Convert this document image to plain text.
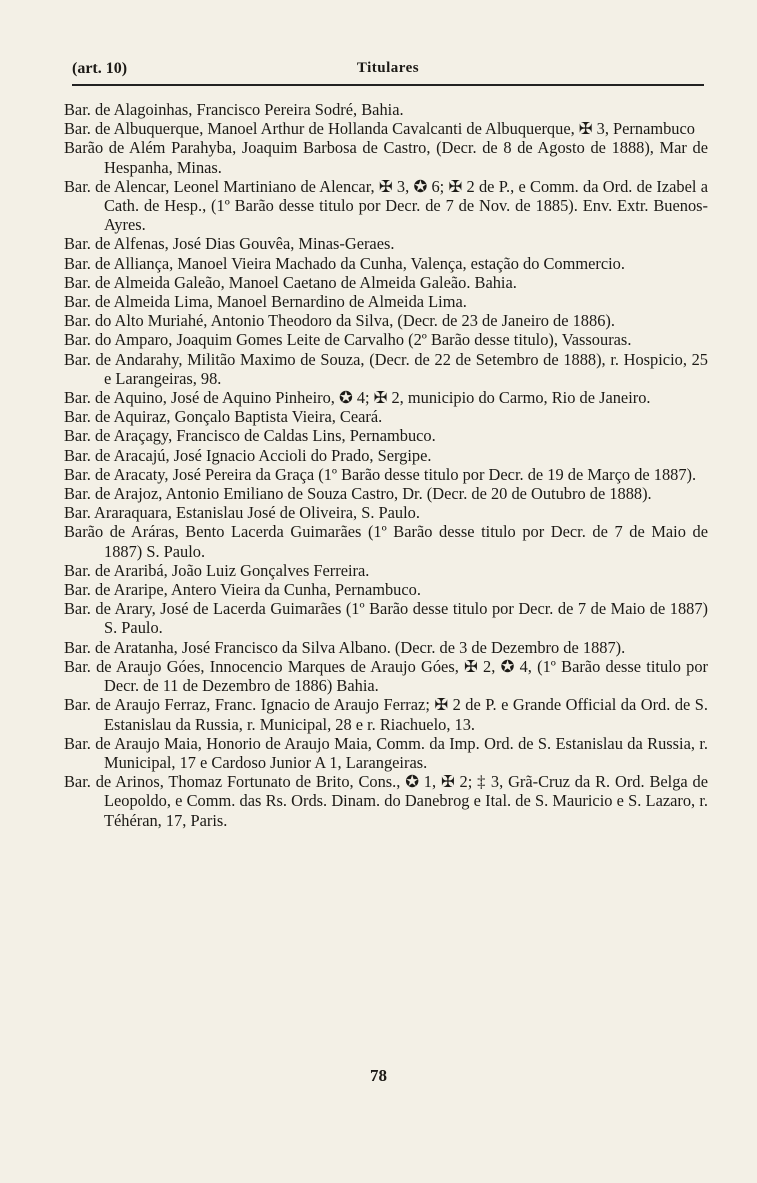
(art. 10)	Titulares

Bar. de Alagoinhas, Francisco Pereira Sodré, Bahia.

Bar. de Albuquerque, Manoel Arthur de Hollanda Cavalcanti de Albuquerque, ✠ 3, Pernambuco

Barão de Além Parahyba, Joaquim Barbosa de Castro, (Decr. de 8 de Agosto de 1888), Mar de Hespanha, Minas.

Bar. de Alencar, Leonel Martiniano de Alencar, ✠ 3, ✪ 6; ✠ 2 de P., e Comm. da Ord. de Izabel a Cath. de Hesp., (1º Barão desse titulo por Decr. de 7 de Nov. de 1885). Env. Extr. Buenos-Ayres.

Bar. de Alfenas, José Dias Gouvêa, Minas-Geraes.

Bar. de Alliança, Manoel Vieira Machado da Cunha, Valença, estação do Commercio.

Bar. de Almeida Galeão, Manoel Caetano de Almeida Galeão. Bahia.

Bar. de Almeida Lima, Manoel Bernardino de Almeida Lima.

Bar. do Alto Muriahé, Antonio Theodoro da Silva, (Decr. de 23 de Janeiro de 1886).

Bar. do Amparo, Joaquim Gomes Leite de Carvalho (2º Barão desse titulo), Vassouras.

Bar. de Andarahy, Militão Maximo de Souza, (Decr. de 22 de Setembro de 1888), r. Hospicio, 25 e Larangeiras, 98.

Bar. de Aquino, José de Aquino Pinheiro, ✪ 4; ✠ 2, municipio do Carmo, Rio de Janeiro.

Bar. de Aquiraz, Gonçalo Baptista Vieira, Ceará.

Bar. de Araçagy, Francisco de Caldas Lins, Pernambuco.

Bar. de Aracajú, José Ignacio Accioli do Prado, Sergipe.

Bar. de Aracaty, José Pereira da Graça (1º Barão desse titulo por Decr. de 19 de Março de 1887).

Bar. de Arajoz, Antonio Emiliano de Souza Castro, Dr. (Decr. de 20 de Outubro de 1888).

Bar. Araraquara, Estanislau José de Oliveira, S. Paulo.

Barão de Aráras, Bento Lacerda Guimarães (1º Barão desse titulo por Decr. de 7 de Maio de 1887) S. Paulo.

Bar. de Araribá, João Luiz Gonçalves Ferreira.

Bar. de Araripe, Antero Vieira da Cunha, Pernambuco.

Bar. de Arary, José de Lacerda Guimarães (1º Barão desse titulo por Decr. de 7 de Maio de 1887) S. Paulo.

Bar. de Aratanha, José Francisco da Silva Albano. (Decr. de 3 de Dezembro de 1887).

Bar. de Araujo Góes, Innocencio Marques de Araujo Góes, ✠ 2, ✪ 4, (1º Barão desse titulo por Decr. de 11 de Dezembro de 1886) Bahia.

Bar. de Araujo Ferraz, Franc. Ignacio de Araujo Ferraz; ✠ 2 de P. e Grande Official da Ord. de S. Estanislau da Russia, r. Municipal, 28 e r. Riachuelo, 13.

Bar. de Araujo Maia, Honorio de Araujo Maia, Comm. da Imp. Ord. de S. Estanislau da Russia, r. Municipal, 17 e Cardoso Junior A 1, Larangeiras.

Bar. de Arinos, Thomaz Fortunato de Brito, Cons., ✪ 1, ✠ 2; ‡ 3, Grã-Cruz da R. Ord. Belga de Leopoldo, e Comm. das Rs. Ords. Dinam. do Danebrog e Ital. de S. Mauricio e S. Lazaro, r. Téhéran, 17, Paris.

78
